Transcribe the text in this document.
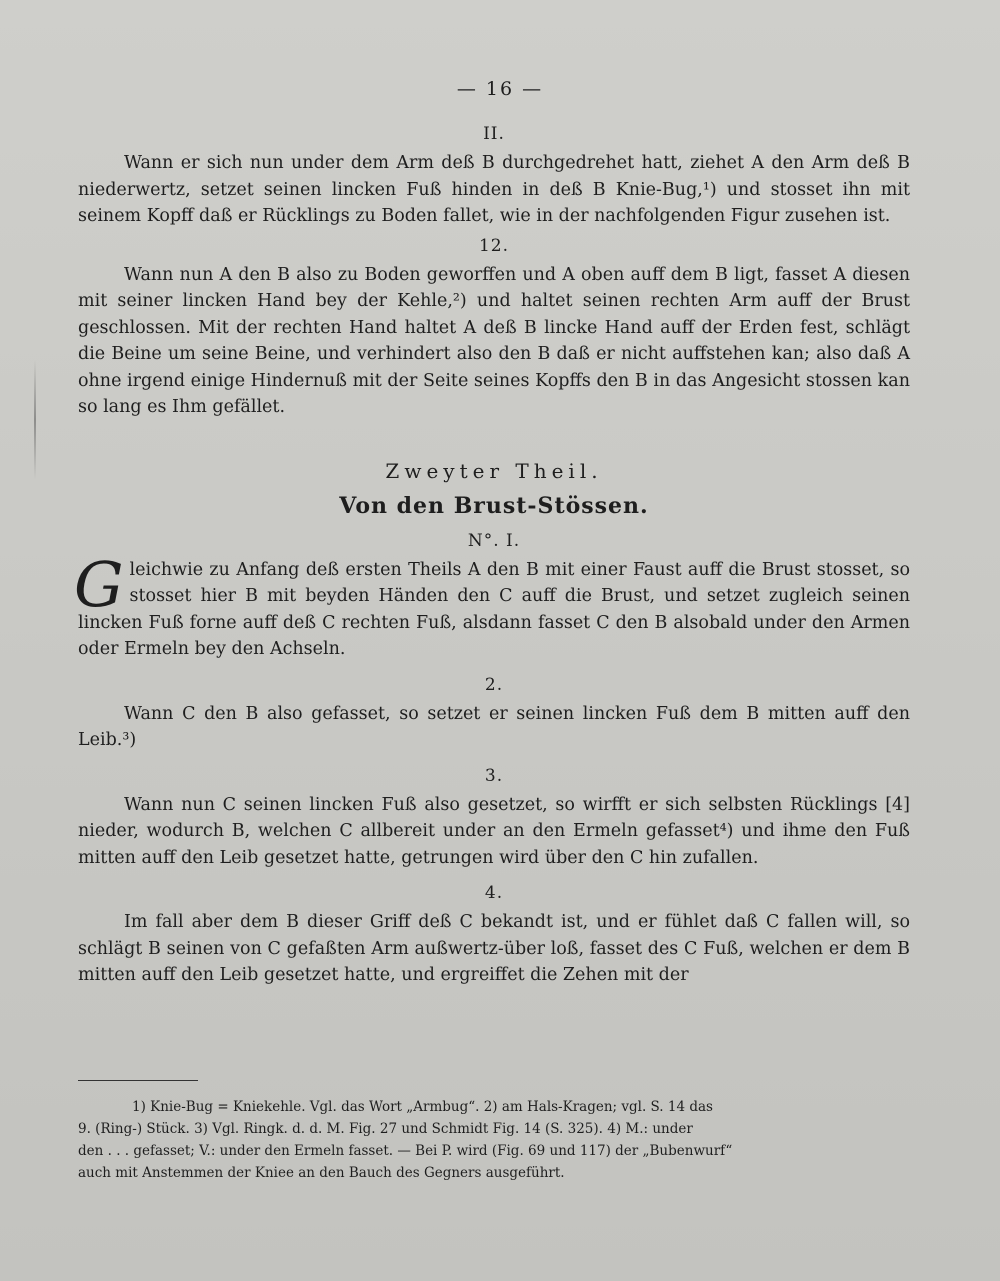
— 16 —
II.

Wann er sich nun under dem Arm deß B durchgedrehet hatt, ziehet A den Arm deß B niederwertz, setzet seinen lincken Fuß hinden in deß B Knie-Bug,¹) und stosset ihn mit seinem Kopff daß er Rücklings zu Boden fallet, wie in der nachfolgenden Figur zusehen ist.

12.

Wann nun A den B also zu Boden geworffen und A oben auff dem B ligt, fasset A diesen mit seiner lincken Hand bey der Kehle,²) und haltet seinen rechten Arm auff der Brust geschlossen. Mit der rechten Hand haltet A deß B lincke Hand auff der Erden fest, schlägt die Beine um seine Beine, und verhindert also den B daß er nicht auffstehen kan; also daß A ohne irgend einige Hindernuß mit der Seite seines Kopffs den B in das Angesicht stossen kan so lang es Ihm gefället.

Zweyter Theil.
Von den Brust-Stössen.
N°. I.

Gleichwie zu Anfang deß ersten Theils A den B mit einer Faust auff die Brust stosset, so stosset hier B mit beyden Händen den C auff die Brust, und setzet zugleich seinen lincken Fuß forne auff deß C rechten Fuß, alsdann fasset C den B alsobald under den Armen oder Ermeln bey den Achseln.

2.

Wann C den B also gefasset, so setzet er seinen lincken Fuß dem B mitten auff den Leib.³)

3.

Wann nun C seinen lincken Fuß also gesetzet, so wirfft er sich selbsten Rücklings [4] nieder, wodurch B, welchen C allbereit under an den Ermeln gefasset⁴) und ihme den Fuß mitten auff den Leib gesetzet hatte, getrungen wird über den C hin zufallen.

4.

Im fall aber dem B dieser Griff deß C bekandt ist, und er fühlet daß C fallen will, so schlägt B seinen von C gefaßten Arm außwertz-über loß, fasset des C Fuß, welchen er dem B mitten auff den Leib gesetzet hatte, und ergreiffet die Zehen mit der

1) Knie-Bug = Kniekehle. Vgl. das Wort „Armbug“. 2) am Hals-Kragen; vgl. S. 14 das
9. (Ring-) Stück. 3) Vgl. Ringk. d. d. M. Fig. 27 und Schmidt Fig. 14 (S. 325). 4) M.: under
den . . . gefasset; V.: under den Ermeln fasset. — Bei P. wird (Fig. 69 und 117) der „Bubenwurf“
auch mit Anstemmen der Kniee an den Bauch des Gegners ausgeführt.
